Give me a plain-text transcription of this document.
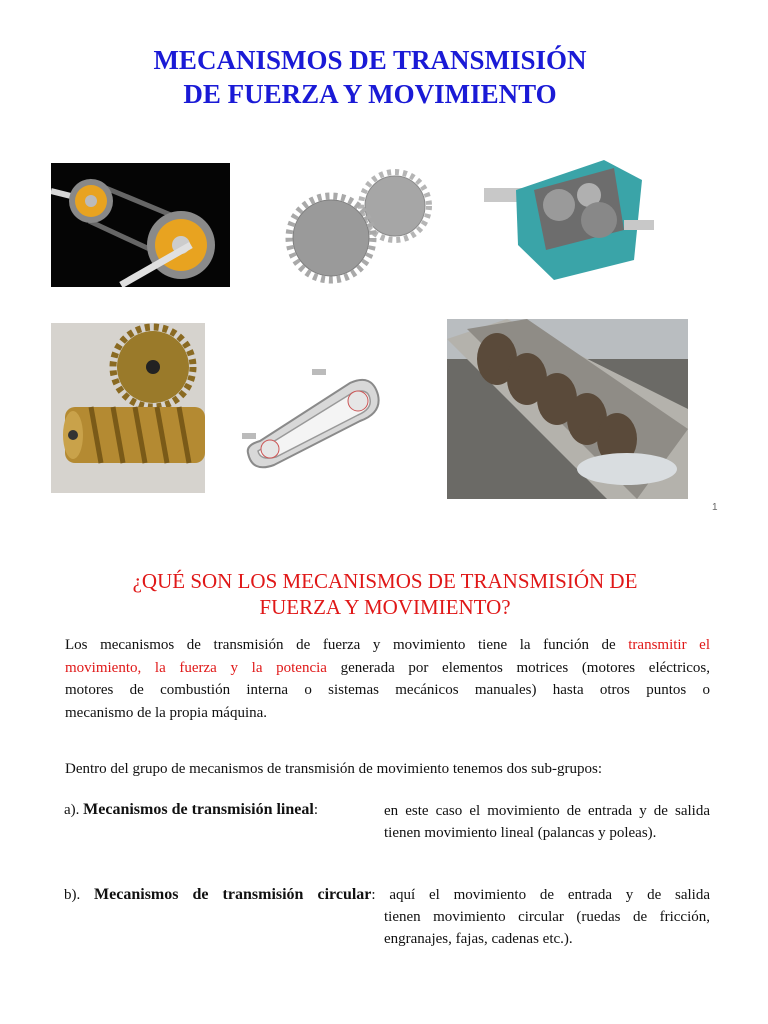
MECANISMOS DE TRANSMISIÓN
DE FUERZA Y MOVIMIENTO
1
¿QUÉ SON LOS MECANISMOS DE TRANSMISIÓN DE
FUERZA Y MOVIMIENTO?
Los mecanismos de transmisión de fuerza y movimiento tiene la función de transmitir el
movimiento, la fuerza y la potencia generada por elementos motrices (motores eléctricos,
motores de combustión interna o sistemas mecánicos manuales) hasta otros puntos o
mecanismo de la propia máquina.
Dentro del grupo de mecanismos de transmisión de movimiento tenemos dos sub-grupos:
a). Mecanismos de transmisión lineal:	en este caso el movimiento de entrada y de salida tienen movimiento lineal (palancas y poleas).
b). Mecanismos de transmisión circular: aquí el movimiento de entrada y de salida
tienen movimiento circular (ruedas de fricción, engranajes, fajas, cadenas etc.).
